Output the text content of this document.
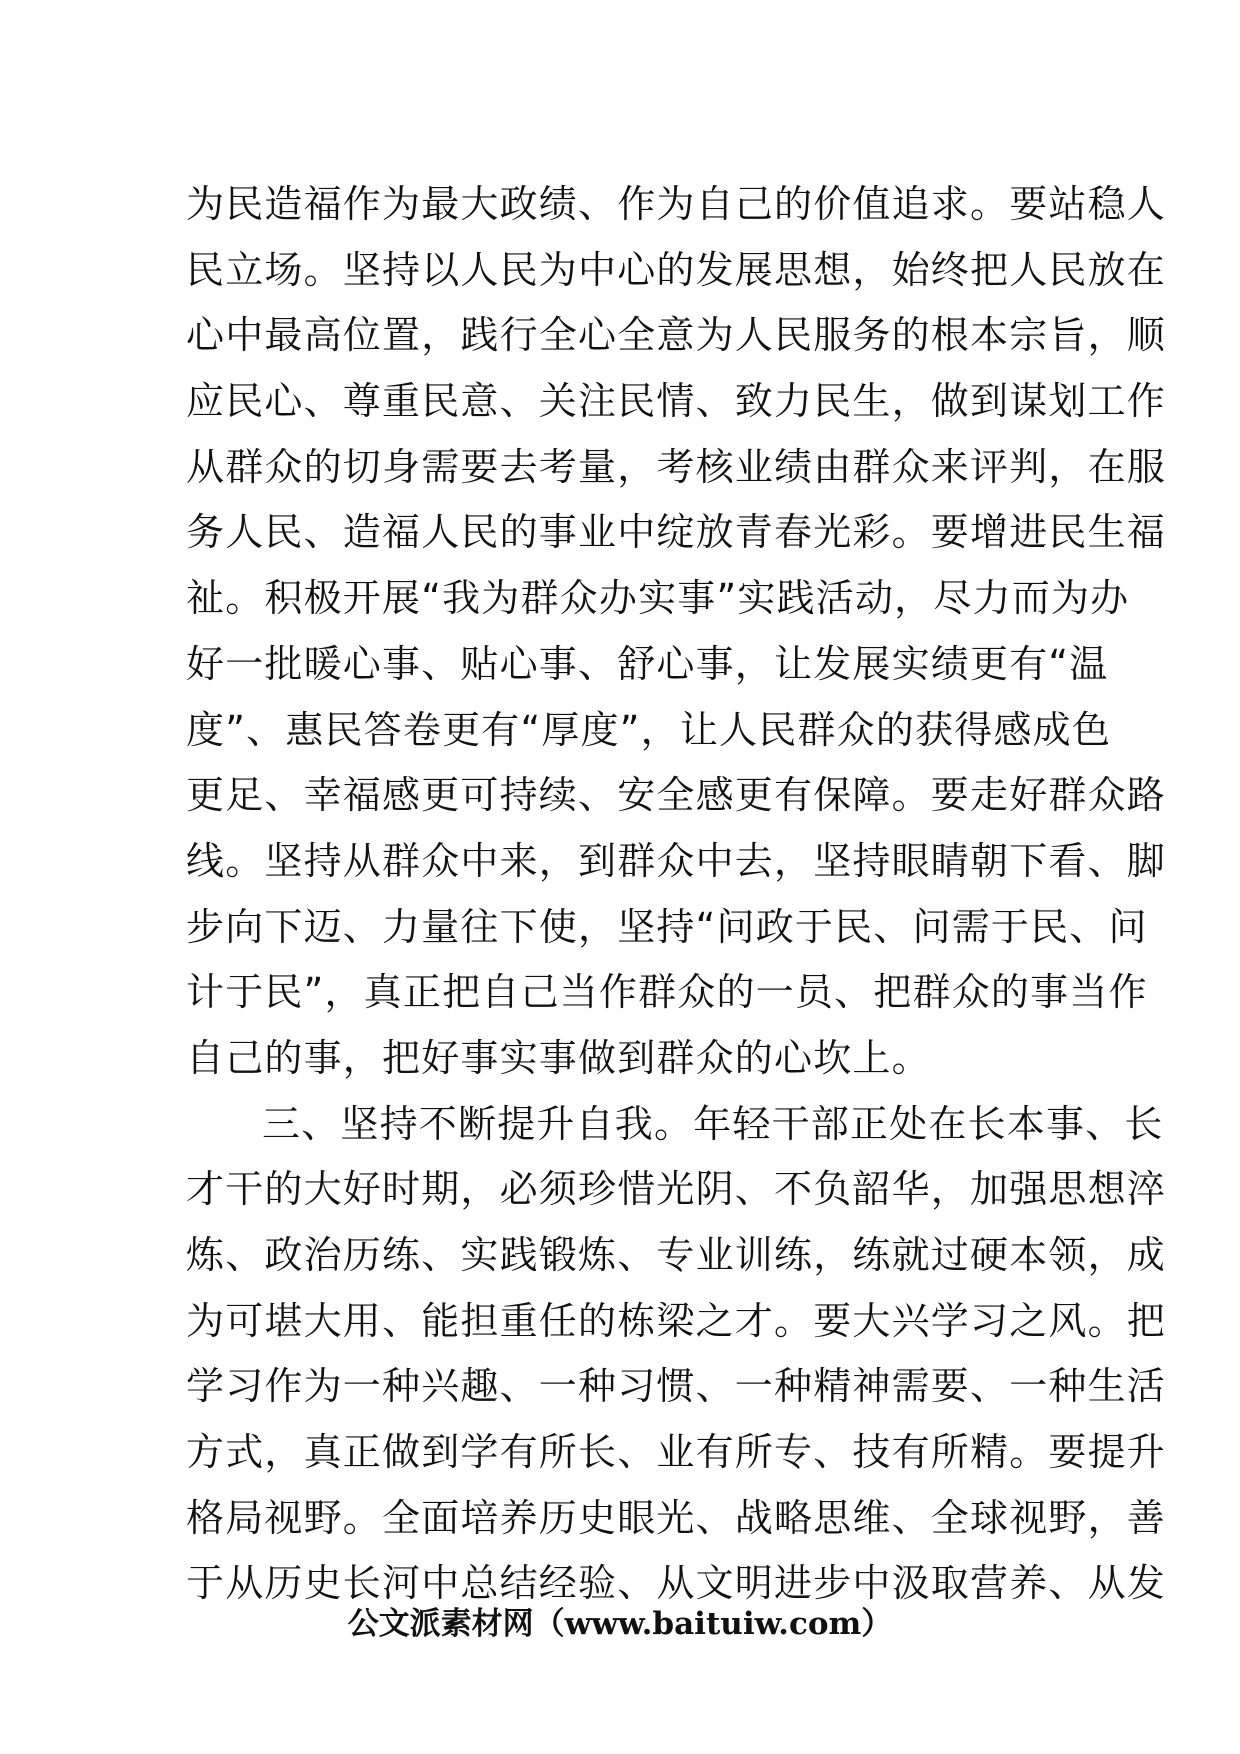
为民造福作为最大政绩、作为自己的价值追求。要站稳人
民立场。坚持以人民为中心的发展思想，始终把人民放在
心中最高位置，践行全心全意为人民服务的根本宗旨，顺
应民心、尊重民意、关注民情、致力民生，做到谋划工作
从群众的切身需要去考量，考核业绩由群众来评判，在服
务人民、造福人民的事业中绽放青春光彩。要增进民生福
祉。积极开展“我为群众办实事”实践活动，尽力而为办
好一批暖心事、贴心事、舒心事，让发展实绩更有“温
度”、惠民答卷更有“厚度”，让人民群众的获得感成色
更足、幸福感更可持续、安全感更有保障。要走好群众路
线。坚持从群众中来，到群众中去，坚持眼睛朝下看、脚
步向下迈、力量往下使，坚持“问政于民、问需于民、问
计于民”，真正把自己当作群众的一员、把群众的事当作
自己的事，把好事实事做到群众的心坎上。
三、坚持不断提升自我。年轻干部正处在长本事、长
才干的大好时期，必须珍惜光阴、不负韶华，加强思想淬
炼、政治历练、实践锻炼、专业训练，练就过硬本领，成
为可堪大用、能担重任的栋梁之才。要大兴学习之风。把
学习作为一种兴趣、一种习惯、一种精神需要、一种生活
方式，真正做到学有所长、业有所专、技有所精。要提升
格局视野。全面培养历史眼光、战略思维、全球视野，善
于从历史长河中总结经验、从文明进步中汲取营养、从发
公文派素材网（www.baituiw.com）
